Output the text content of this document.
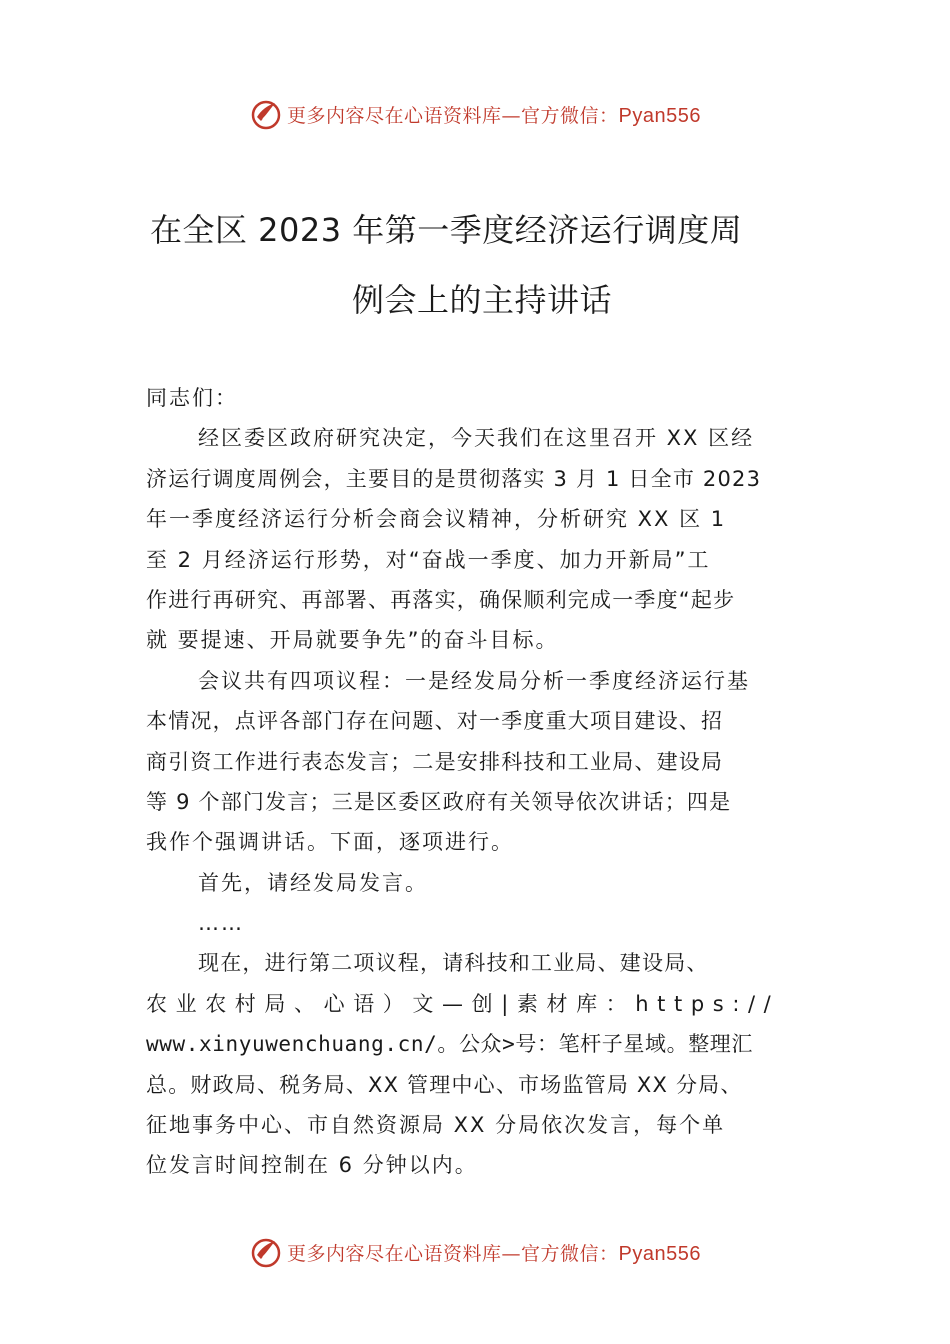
更多内容尽在心语资料库—官方微信：Pyan556
在全区 2023 年第一季度经济运行调度周
例会上的主持讲话
同志们：
经区委区政府研究决定，今天我们在这里召开 XX 区经
济运行调度周例会，主要目的是贯彻落实 3 月 1 日全市 2023
年一季度经济运行分析会商会议精神，分析研究 XX 区 1
至 2 月经济运行形势，对“奋战一季度、加力开新局”工
作进行再研究、再部署、再落实，确保顺利完成一季度“起步
就 要提速、开局就要争先”的奋斗目标。
会议共有四项议程：一是经发局分析一季度经济运行基
本情况，点评各部门存在问题、对一季度重大项目建设、招
商引资工作进行表态发言；二是安排科技和工业局、建设局
等 9 个部门发言；三是区委区政府有关领导依次讲话；四是
我作个强调讲话。下面，逐项进行。
首先，请经发局发言。
……
现在，进行第二项议程，请科技和工业局、建设局、
农业农村局、心语）文—创|素材库：https://
www.xinyuwenchuang.cn/。公众>号：笔杆子星域。整理汇
总。财政局、税务局、XX 管理中心、市场监管局 XX 分局、
征地事务中心、市自然资源局 XX 分局依次发言，每个单
位发言时间控制在 6 分钟以内。
更多内容尽在心语资料库—官方微信：Pyan556
